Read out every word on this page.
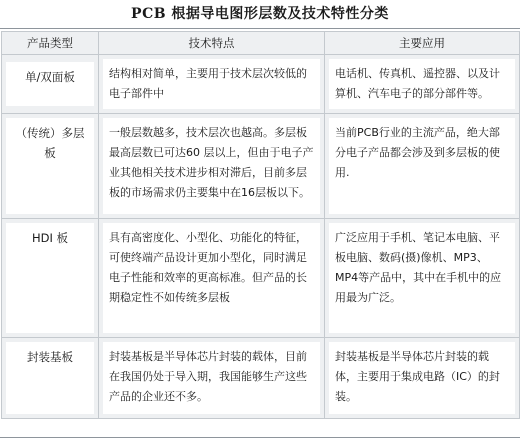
PCB 根据导电图形层数及技术特性分类
产品类型	技术特点	主要应用

单/双面板	结构相对简单，主要用于技术层次较低的电子部件中	电话机、传真机、遥控器、以及计算机、汽车电子的部分部件等。

（传统）多层板	一般层数越多，技术层次也越高。多层板最高层数已可达60 层以上，但由于电子产业其他相关技术进步相对滞后，目前多层板的市场需求仍主要集中在16层板以下。	当前PCB行业的主流产品，绝大部分电子产品都会涉及到多层板的使用.

HDI 板	具有高密度化、小型化、功能化的特征，可使终端产品设计更加小型化，同时满足电子性能和效率的更高标准。但产品的长期稳定性不如传统多层板	广泛应用于手机、笔记本电脑、平板电脑、数码(摄)像机、MP3、MP4等产品中，其中在手机中的应用最为广泛。

封装基板	封装基板是半导体芯片封装的载体，目前在我国仍处于导入期，我国能够生产这些产品的企业还不多。	封装基板是半导体芯片封装的载体，主要用于集成电路（IC）的封装。
